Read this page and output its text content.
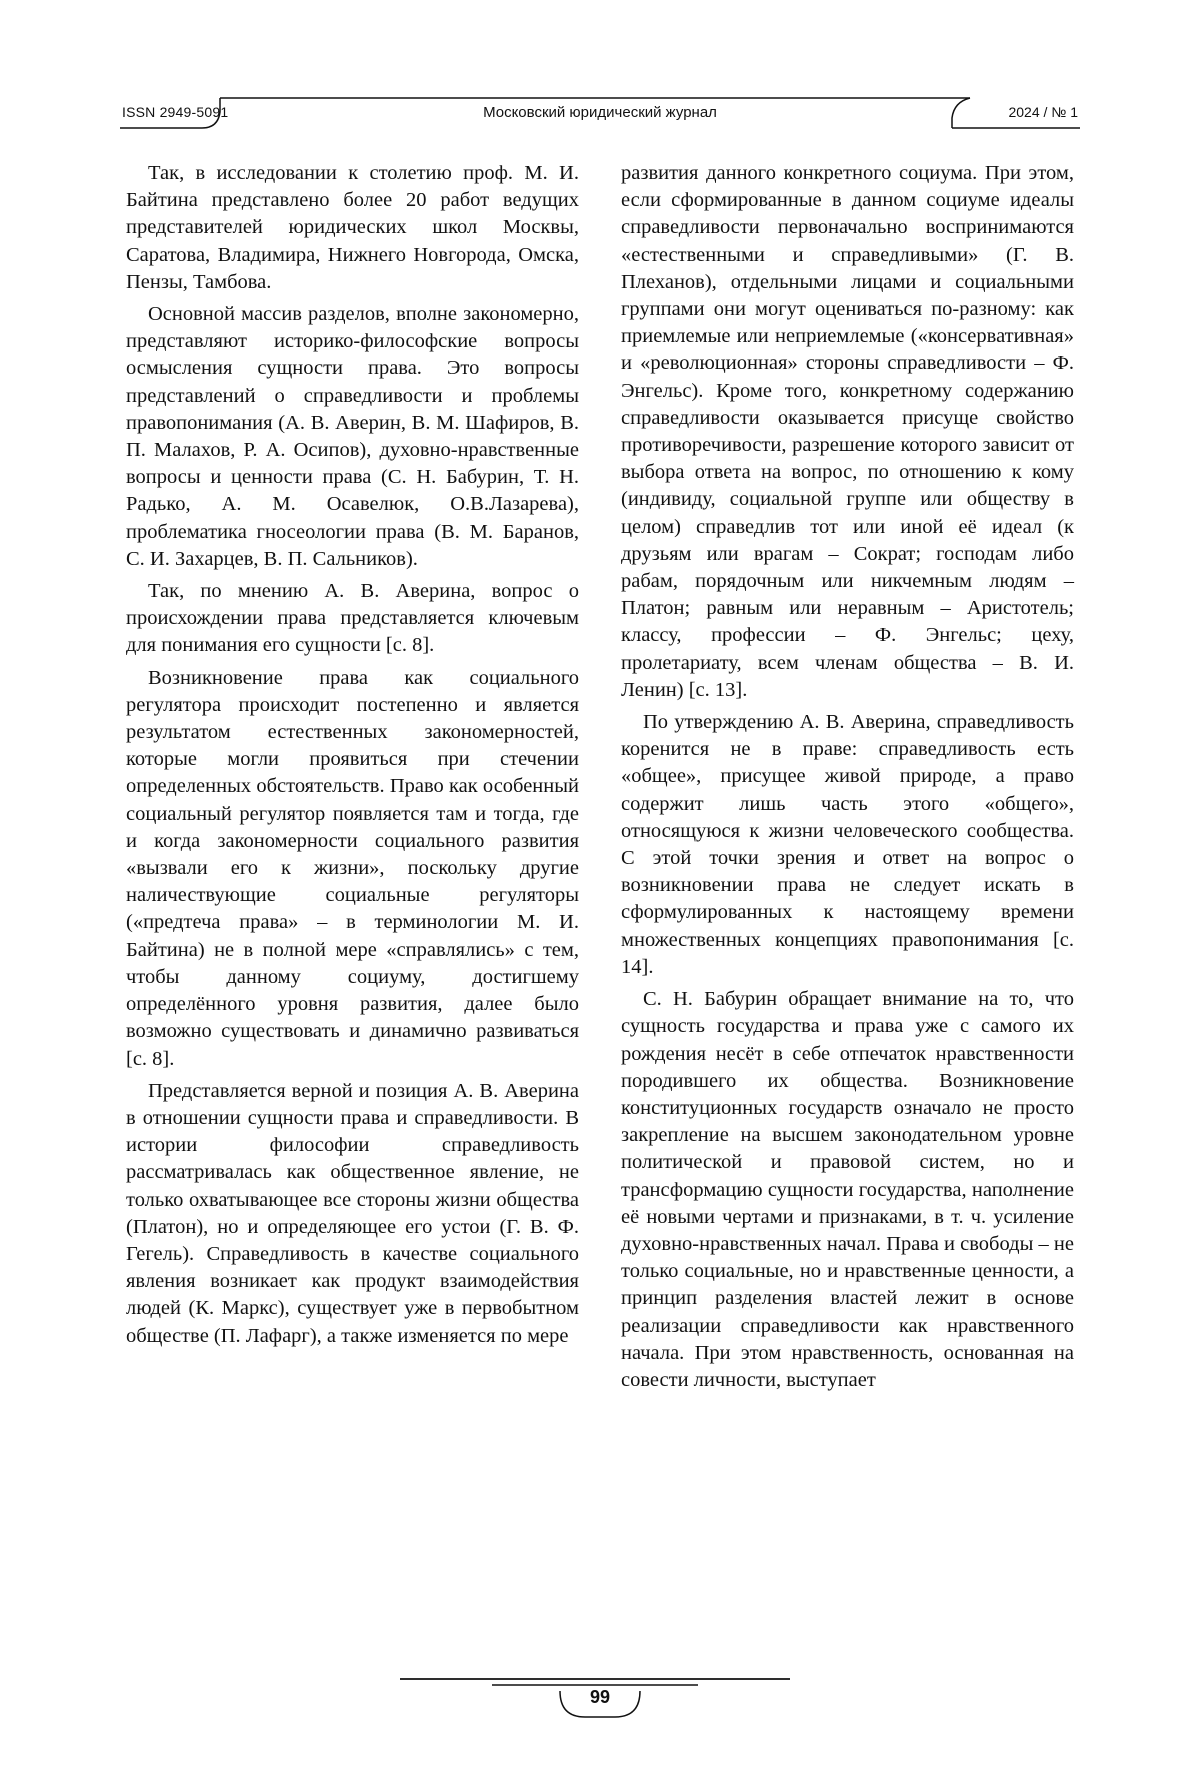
ISSN 2949-5091	Московский юридический журнал	2024 / № 1

Так, в исследовании к столетию проф. М. И. Байтина представлено более 20 работ ведущих представителей юридических школ Москвы, Саратова, Владимира, Нижнего Новгорода, Омска, Пензы, Тамбова.

Основной массив разделов, вполне закономерно, представляют историко-философские вопросы осмысления сущности права. Это вопросы представлений о справедливости и проблемы правопонимания (А. В. Аверин, В. М. Шафиров, В. П. Малахов, Р. А. Осипов), духовно-нравственные вопросы и ценности права (С. Н. Бабурин, Т. Н. Радько, А. М. Осавелюк, О.В.Лазарева), проблематика гносеологии права (В. М. Баранов, С. И. Захарцев, В. П. Сальников).

Так, по мнению А. В. Аверина, вопрос о происхождении права представляется ключевым для понимания его сущности [с. 8].

Возникновение права как социального регулятора происходит постепенно и является результатом естественных закономерностей, которые могли проявиться при стечении определенных обстоятельств. Право как особенный социальный регулятор появляется там и тогда, где и когда закономерности социального развития «вызвали его к жизни», поскольку другие наличествующие социальные регуляторы («предтеча права» – в терминологии М. И. Байтина) не в полной мере «справлялись» с тем, чтобы данному социуму, достигшему определённого уровня развития, далее было возможно существовать и динамично развиваться [с. 8].

Представляется верной и позиция А. В. Аверина в отношении сущности права и справедливости. В истории философии справедливость рассматривалась как общественное явление, не только охватывающее все стороны жизни общества (Платон), но и определяющее его устои (Г. В. Ф. Гегель). Справедливость в качестве социального явления возникает как продукт взаимодействия людей (К. Маркс), существует уже в первобытном обществе (П. Лафарг), а также изменяется по мере

развития данного конкретного социума. При этом, если сформированные в данном социуме идеалы справедливости первоначально воспринимаются «естественными и справедливыми» (Г. В. Плеханов), отдельными лицами и социальными группами они могут оцениваться по-разному: как приемлемые или неприемлемые («консервативная» и «революционная» стороны справедливости – Ф. Энгельс). Кроме того, конкретному содержанию справедливости оказывается присуще свойство противоречивости, разрешение которого зависит от выбора ответа на вопрос, по отношению к кому (индивиду, социальной группе или обществу в целом) справедлив тот или иной её идеал (к друзьям или врагам – Сократ; господам либо рабам, порядочным или никчемным людям – Платон; равным или неравным – Аристотель; классу, профессии – Ф. Энгельс; цеху, пролетариату, всем членам общества – В. И. Ленин) [с. 13].

По утверждению А. В. Аверина, справедливость коренится не в праве: справедливость есть «общее», присущее живой природе, а право содержит лишь часть этого «общего», относящуюся к жизни человеческого сообщества. С этой точки зрения и ответ на вопрос о возникновении права не следует искать в сформулированных к настоящему времени множественных концепциях правопонимания [с. 14].

С. Н. Бабурин обращает внимание на то, что сущность государства и права уже с самого их рождения несёт в себе отпечаток нравственности породившего их общества. Возникновение конституционных государств означало не просто закрепление на высшем законодательном уровне политической и правовой систем, но и трансформацию сущности государства, наполнение её новыми чертами и признаками, в т. ч. усиление духовно-нравственных начал. Права и свободы – не только социальные, но и нравственные ценности, а принцип разделения властей лежит в основе реализации справедливости как нравственного начала. При этом нравственность, основанная на совести личности, выступает

99
